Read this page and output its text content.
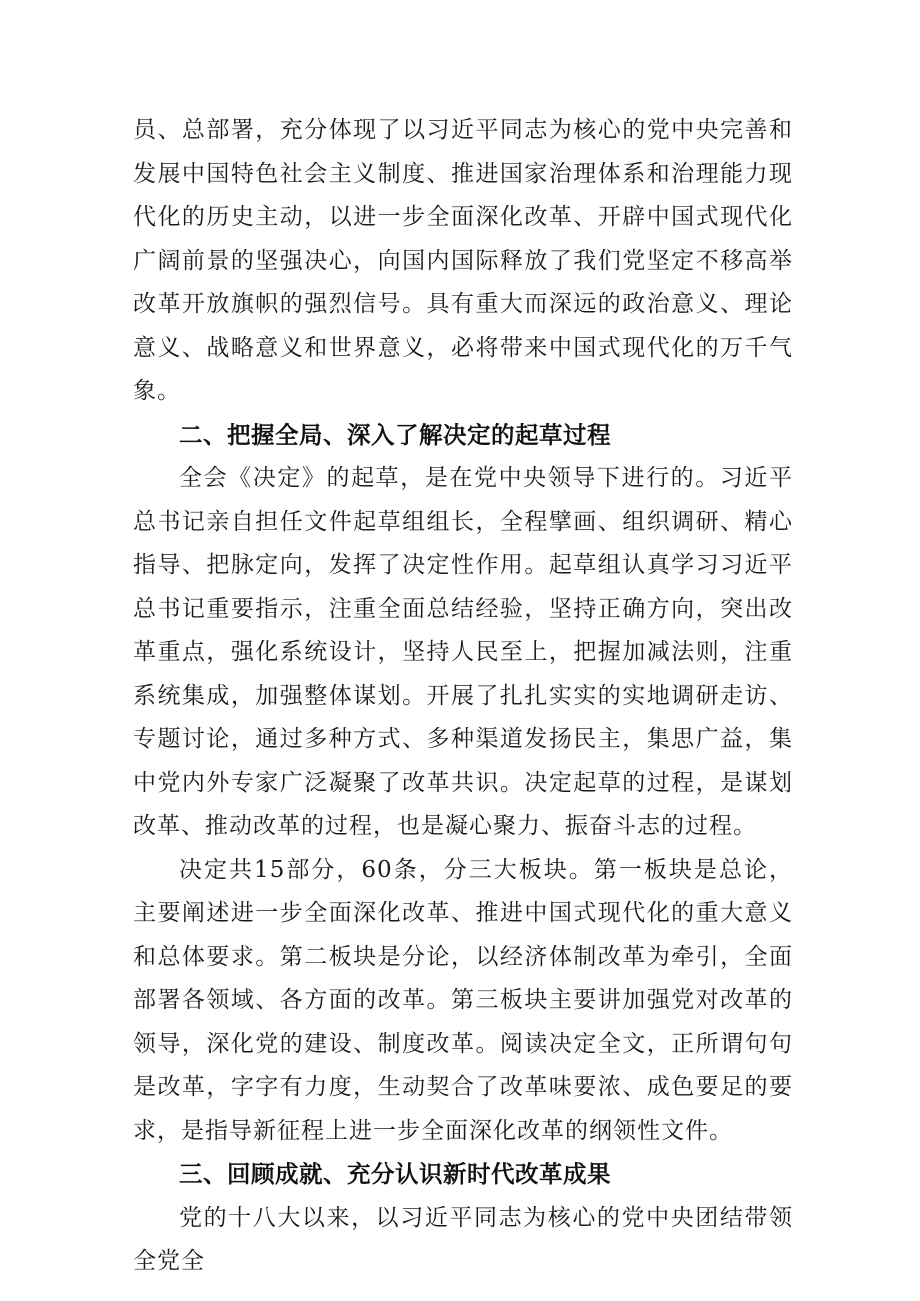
员、总部署，充分体现了以习近平同志为核心的党中央完善和发展中国特色社会主义制度、推进国家治理体系和治理能力现代化的历史主动，以进一步全面深化改革、开辟中国式现代化广阔前景的坚强决心，向国内国际释放了我们党坚定不移高举改革开放旗帜的强烈信号。具有重大而深远的政治意义、理论意义、战略意义和世界意义，必将带来中国式现代化的万千气象。

二、把握全局、深入了解决定的起草过程

全会《决定》的起草，是在党中央领导下进行的。习近平总书记亲自担任文件起草组组长，全程擘画、组织调研、精心指导、把脉定向，发挥了决定性作用。起草组认真学习习近平总书记重要指示，注重全面总结经验，坚持正确方向，突出改革重点，强化系统设计，坚持人民至上，把握加减法则，注重系统集成，加强整体谋划。开展了扎扎实实的实地调研走访、专题讨论，通过多种方式、多种渠道发扬民主，集思广益，集中党内外专家广泛凝聚了改革共识。决定起草的过程，是谋划改革、推动改革的过程，也是凝心聚力、振奋斗志的过程。

决定共15部分，60条，分三大板块。第一板块是总论，主要阐述进一步全面深化改革、推进中国式现代化的重大意义和总体要求。第二板块是分论，以经济体制改革为牵引，全面部署各领域、各方面的改革。第三板块主要讲加强党对改革的领导，深化党的建设、制度改革。阅读决定全文，正所谓句句是改革，字字有力度，生动契合了改革味要浓、成色要足的要求，是指导新征程上进一步全面深化改革的纲领性文件。

三、回顾成就、充分认识新时代改革成果

党的十八大以来，以习近平同志为核心的党中央团结带领全党全
